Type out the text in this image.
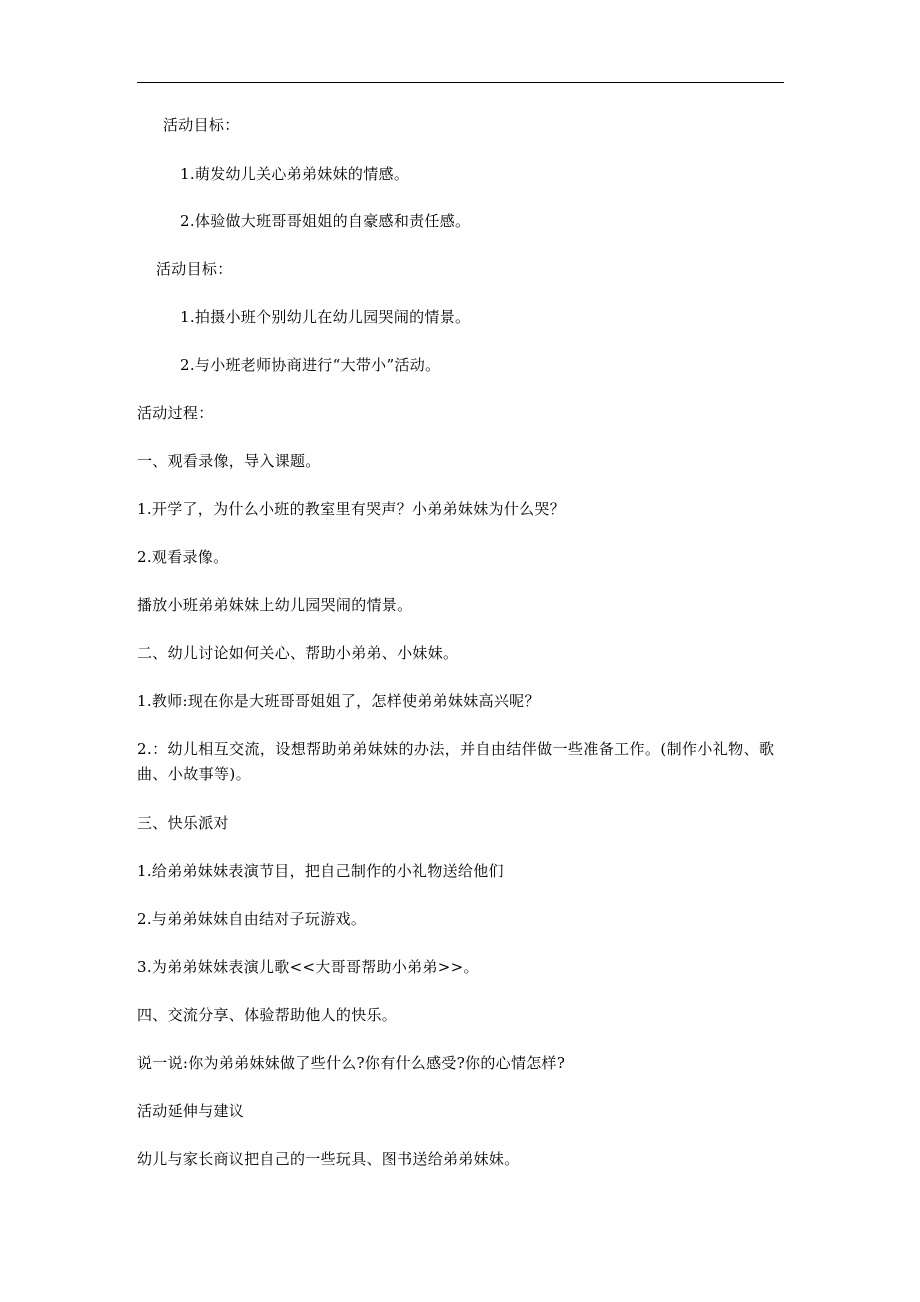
活动目标：
1.萌发幼儿关心弟弟妹妹的情感。
2.体验做大班哥哥姐姐的自豪感和责任感。
活动目标：
1.拍摄小班个别幼儿在幼儿园哭闹的情景。
2.与小班老师协商进行“大带小”活动。
活动过程：
一、观看录像，导入课题。
1.开学了，为什么小班的教室里有哭声？小弟弟妹妹为什么哭？
2.观看录像。
播放小班弟弟妹妹上幼儿园哭闹的情景。
二、幼儿讨论如何关心、帮助小弟弟、小妹妹。
1.教师:现在你是大班哥哥姐姐了，怎样使弟弟妹妹高兴呢？
2.：幼儿相互交流，设想帮助弟弟妹妹的办法，并自由结伴做一些准备工作。(制作小礼物、歌曲、小故事等)。
三、快乐派对
1.给弟弟妹妹表演节目，把自己制作的小礼物送给他们
2.与弟弟妹妹自由结对子玩游戏。
3.为弟弟妹妹表演儿歌<<大哥哥帮助小弟弟>>。
四、交流分享、体验帮助他人的快乐。
说一说:你为弟弟妹妹做了些什么?你有什么感受?你的心情怎样?
活动延伸与建议
幼儿与家长商议把自己的一些玩具、图书送给弟弟妹妹。
